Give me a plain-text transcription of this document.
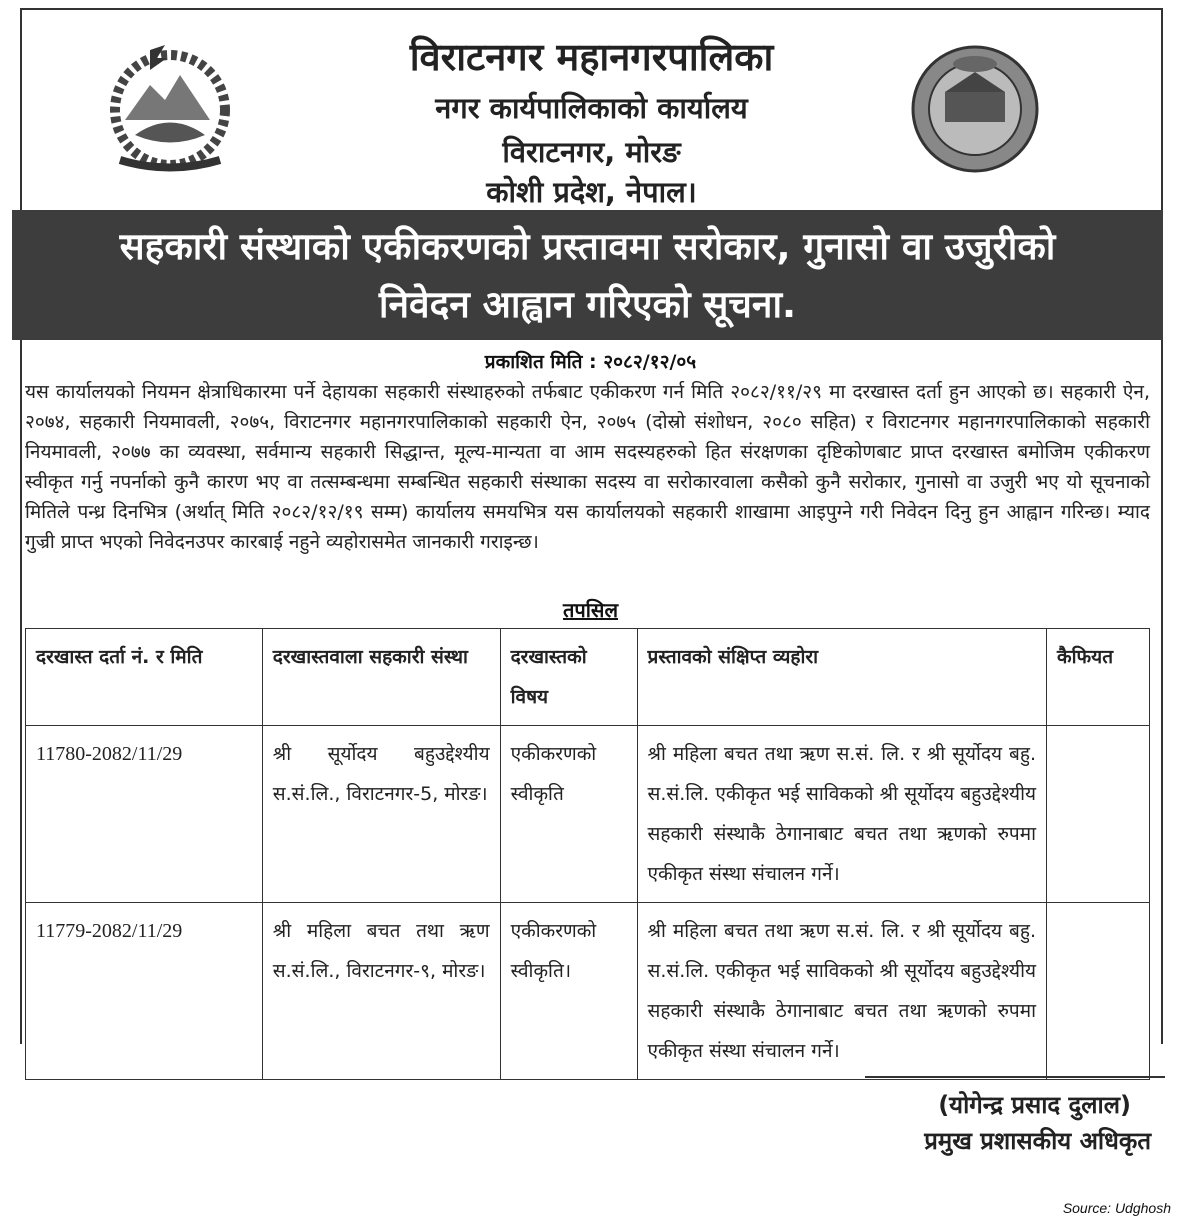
विराटनगर महानगरपालिका
नगर कार्यपालिकाको कार्यालय
विराटनगर, मोरङ
कोशी प्रदेश, नेपाल।
सहकारी संस्थाको एकीकरणको प्रस्तावमा सरोकार, गुनासो वा उजुरीको
निवेदन आह्वान गरिएको सूचना.
प्रकाशित मिति : २०८२/१२/०५
यस कार्यालयको नियमन क्षेत्राधिकारमा पर्ने देहायका सहकारी संस्थाहरुको तर्फबाट एकीकरण गर्न मिति २०८२/११/२९ मा दरखास्त दर्ता हुन आएको छ। सहकारी ऐन, २०७४, सहकारी नियमावली, २०७५, विराटनगर महानगरपालिकाको सहकारी ऐन, २०७५ (दोस्रो संशोधन, २०८० सहित) र विराटनगर महानगरपालिकाको सहकारी नियमावली, २०७७ का व्यवस्था, सर्वमान्य सहकारी सिद्धान्त, मूल्य-मान्यता वा आम सदस्यहरुको हित संरक्षणका दृष्टिकोणबाट प्राप्त दरखास्त बमोजिम एकीकरण स्वीकृत गर्नु नपर्नाको कुनै कारण भए वा तत्सम्बन्धमा सम्बन्धित सहकारी संस्थाका सदस्य वा सरोकारवाला कसैको कुनै सरोकार, गुनासो वा उजुरी भए यो सूचनाको मितिले पन्ध्र दिनभित्र (अर्थात् मिति २०८२/१२/१९ सम्म) कार्यालय समयभित्र यस कार्यालयको सहकारी शाखामा आइपुग्ने गरी निवेदन दिनु हुन आह्वान गरिन्छ। म्याद गुज्री प्राप्त भएको निवेदनउपर कारबाई नहुने व्यहोरासमेत जानकारी गराइन्छ।
तपसिल
दरखास्त दर्ता नं. र मिति	दरखास्तवाला सहकारी संस्था	दरखास्तको विषय	प्रस्तावको संक्षिप्त व्यहोरा	कैफियत
11780-2082/11/29	श्री सूर्योदय बहुउद्देश्यीय स.सं.लि., विराटनगर-5, मोरङ।	एकीकरणको स्वीकृति	श्री महिला बचत तथा ऋण स.सं. लि. र श्री सूर्योदय बहु. स.सं.लि. एकीकृत भई साविकको श्री सूर्योदय बहुउद्देश्यीय सहकारी संस्थाकै ठेगानाबाट बचत तथा ऋणको रुपमा एकीकृत संस्था संचालन गर्ने।	
11779-2082/11/29	श्री महिला बचत तथा ऋण स.सं.लि., विराटनगर-९, मोरङ।	एकीकरणको स्वीकृति।	श्री महिला बचत तथा ऋण स.सं. लि. र श्री सूर्योदय बहु. स.सं.लि. एकीकृत भई साविकको श्री सूर्योदय बहुउद्देश्यीय सहकारी संस्थाकै ठेगानाबाट बचत तथा ऋणको रुपमा एकीकृत संस्था संचालन गर्ने।	
(योगेन्द्र प्रसाद दुलाल)
प्रमुख प्रशासकीय अधिकृत
Source: Udghosh
